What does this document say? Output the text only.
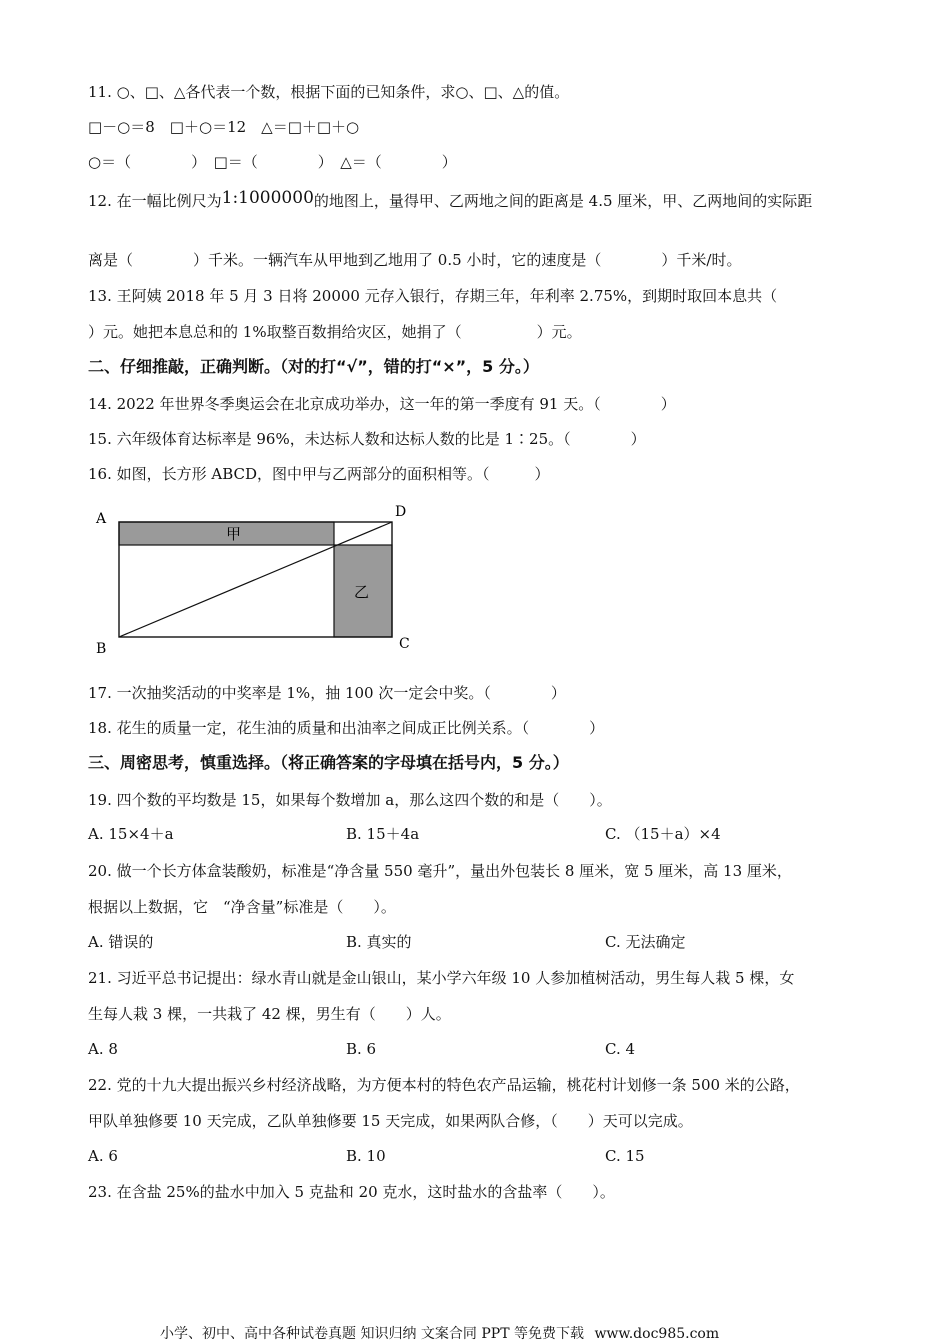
11. ○、□、△各代表一个数，根据下面的已知条件，求○、□、△的值。
□－○＝8　□＋○＝12　△＝□＋□＋○
○＝（　　　　）　□＝（　　　　）　△＝（　　　　）
12. 在一幅比例尺为1:1000000的地图上，量得甲、乙两地之间的距离是 4.5 厘米，甲、乙两地间的实际距
离是（　　　　）千米。一辆汽车从甲地到乙地用了 0.5 小时，它的速度是（　　　　）千米/时。
13. 王阿姨 2018 年 5 月 3 日将 20000 元存入银行，存期三年，年利率 2.75%，到期时取回本息共（
）元。她把本息总和的 1%取整百数捐给灾区，她捐了（　　　　　）元。
二、仔细推敲，正确判断。（对的打“√”，错的打“×”，5 分。）
14. 2022 年世界冬季奥运会在北京成功举办，这一年的第一季度有 91 天。（　　　　）
15. 六年级体育达标率是 96%，未达标人数和达标人数的比是 1∶25。（　　　　）
16. 如图，长方形 ABCD，图中甲与乙两部分的面积相等。（　　　）
A	D
B	C
甲
乙
17. 一次抽奖活动的中奖率是 1%，抽 100 次一定会中奖。（　　　　）
18. 花生的质量一定，花生油的质量和出油率之间成正比例关系。（　　　　）
三、周密思考，慎重选择。（将正确答案的字母填在括号内，5 分。）
19. 四个数的平均数是 15，如果每个数增加 a，那么这四个数的和是（　　）。
A. 15×4＋a	B. 15＋4a	C. （15＋a）×4
20. 做一个长方体盒装酸奶，标准是“净含量 550 毫升”，量出外包装长 8 厘米，宽 5 厘米，高 13 厘米，
根据以上数据，它　“净含量”标准是（　　）。
A. 错误的	B. 真实的	C. 无法确定
21. 习近平总书记提出：绿水青山就是金山银山，某小学六年级 10 人参加植树活动，男生每人栽 5 棵，女
生每人栽 3 棵，一共栽了 42 棵，男生有（　　）人。
A. 8	B. 6	C. 4
22. 党的十九大提出振兴乡村经济战略，为方便本村的特色农产品运输，桃花村计划修一条 500 米的公路，
甲队单独修要 10 天完成，乙队单独修要 15 天完成，如果两队合修，（　　）天可以完成。
A. 6	B. 10	C. 15
23. 在含盐 25%的盐水中加入 5 克盐和 20 克水，这时盐水的含盐率（　　）。
小学、初中、高中各种试卷真题 知识归纳 文案合同 PPT 等免费下载 www.doc985.com
